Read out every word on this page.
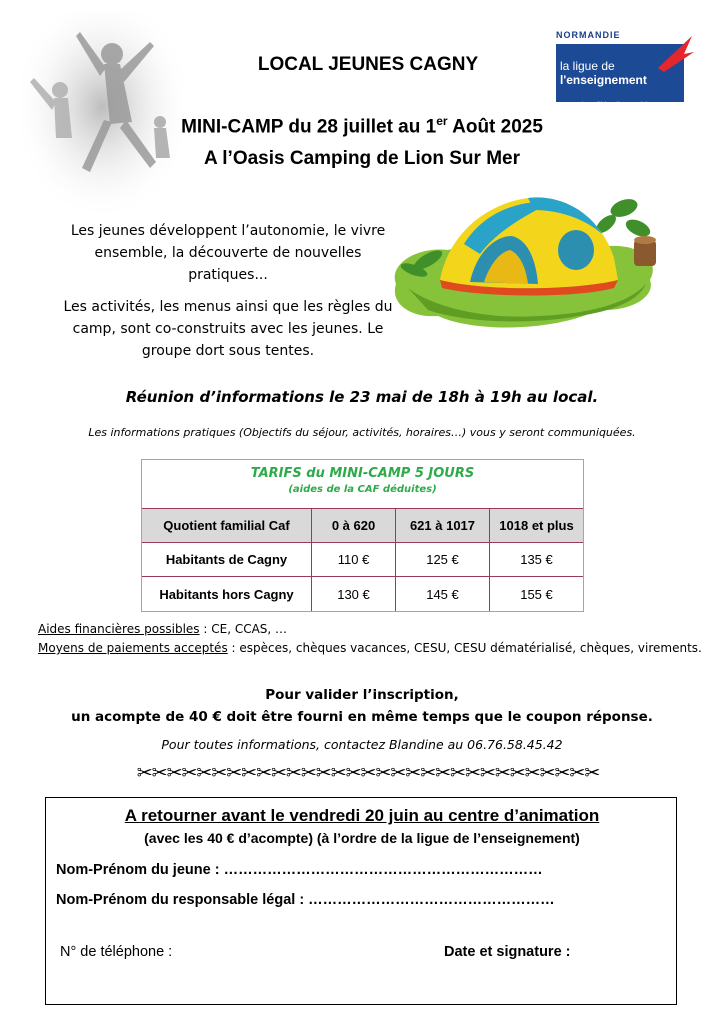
LOCAL JEUNES CAGNY
NORMANDIE
la ligue de
l'enseignement
un avenir par l'éducation populaire
MINI-CAMP du 28 juillet au 1er Août 2025
A l’Oasis Camping de Lion Sur Mer
Les jeunes développent l’autonomie, le vivre ensemble, la découverte de nouvelles pratiques...
Les activités, les menus ainsi que les règles du camp, sont co-construits avec les jeunes. Le groupe dort sous tentes.
Réunion d’informations le 23 mai de 18h à 19h au local.
Les informations pratiques (Objectifs du séjour, activités, horaires…) vous y seront communiquées.
TARIFS du MINI-CAMP 5 JOURS
(aides de la CAF déduites)
Quotient familial Caf	0 à 620	621 à 1017	1018 et plus
Habitants de Cagny	110 €	125 €	135 €
Habitants hors Cagny	130 €	145 €	155 €
Aides financières possibles : CE, CCAS, …
Moyens de paiements acceptés : espèces, chèques vacances, CESU, CESU dématérialisé, chèques, virements.
Pour valider l’inscription,
un acompte de 40 € doit être fourni en même temps que le coupon réponse.
Pour toutes informations, contactez Blandine au 06.76.58.45.42
✂✂✂✂✂✂✂✂✂✂✂✂✂✂✂✂✂✂✂✂✂✂✂✂✂✂✂✂✂✂✂
A retourner avant le vendredi 20 juin au centre d’animation
(avec les 40 € d’acompte) (à l’ordre de la ligue de l’enseignement)
Nom-Prénom du jeune : …………………………………………………………
Nom-Prénom du responsable légal : ……………………………………………
N° de téléphone :	Date et signature :
